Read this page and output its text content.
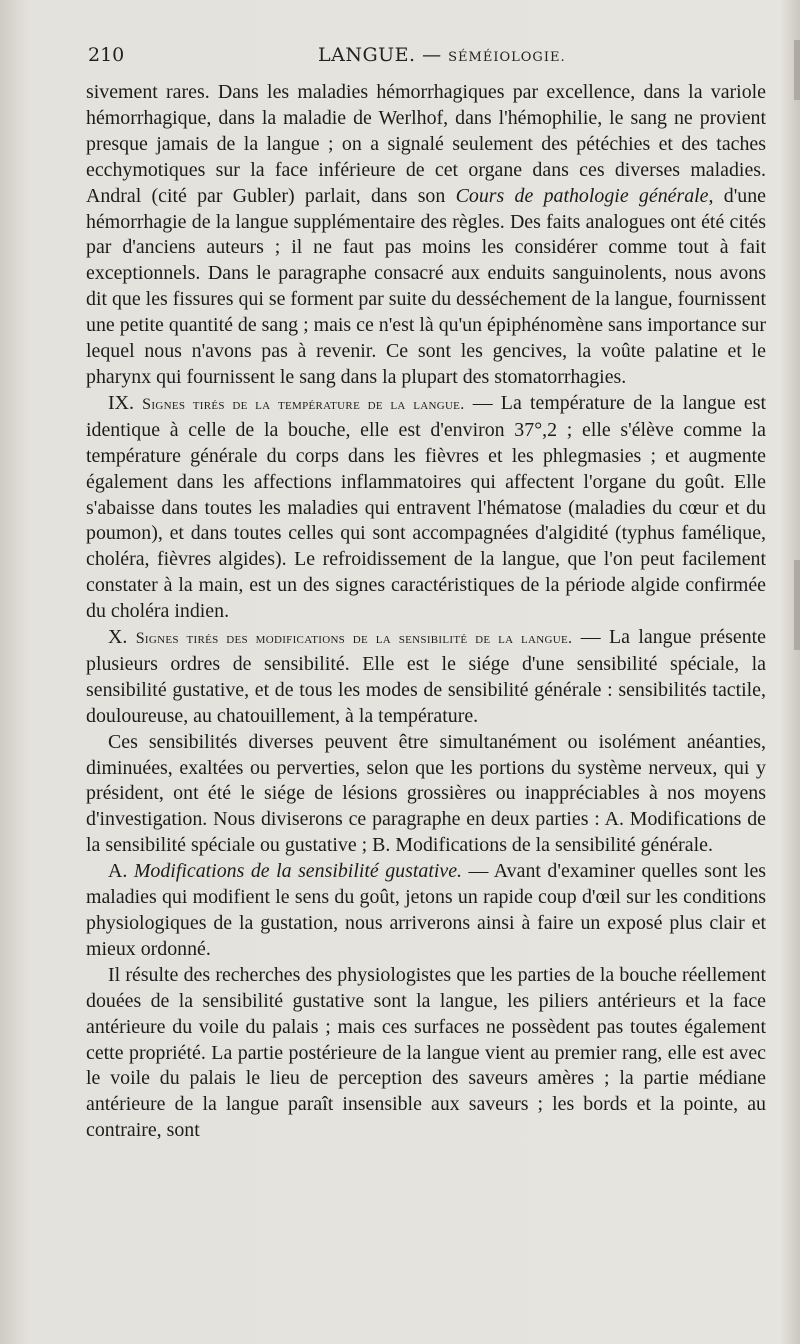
210	LANGUE. — SÉMÉIOLOGIE.

sivement rares. Dans les maladies hémorrhagiques par excellence, dans la variole hémorrhagique, dans la maladie de Werlhof, dans l'hémophilie, le sang ne provient presque jamais de la langue ; on a signalé seulement des pétéchies et des taches ecchymotiques sur la face inférieure de cet organe dans ces diverses maladies. Andral (cité par Gubler) parlait, dans son Cours de pathologie générale, d'une hémorrhagie de la langue supplémentaire des règles. Des faits analogues ont été cités par d'anciens auteurs ; il ne faut pas moins les considérer comme tout à fait exceptionnels. Dans le paragraphe consacré aux enduits sanguinolents, nous avons dit que les fissures qui se forment par suite du desséchement de la langue, fournissent une petite quantité de sang ; mais ce n'est là qu'un épiphénomène sans importance sur lequel nous n'avons pas à revenir. Ce sont les gencives, la voûte palatine et le pharynx qui fournissent le sang dans la plupart des stomatorrhagies.

IX. Signes tirés de la température de la langue. — La température de la langue est identique à celle de la bouche, elle est d'environ 37°,2 ; elle s'élève comme la température générale du corps dans les fièvres et les phlegmasies ; et augmente également dans les affections inflammatoires qui affectent l'organe du goût. Elle s'abaisse dans toutes les maladies qui entravent l'hématose (maladies du cœur et du poumon), et dans toutes celles qui sont accompagnées d'algidité (typhus famélique, choléra, fièvres algides). Le refroidissement de la langue, que l'on peut facilement constater à la main, est un des signes caractéristiques de la période algide confirmée du choléra indien.

X. Signes tirés des modifications de la sensibilité de la langue. — La langue présente plusieurs ordres de sensibilité. Elle est le siége d'une sensibilité spéciale, la sensibilité gustative, et de tous les modes de sensibilité générale : sensibilités tactile, douloureuse, au chatouillement, à la température.

Ces sensibilités diverses peuvent être simultanément ou isolément anéanties, diminuées, exaltées ou perverties, selon que les portions du système nerveux, qui y président, ont été le siége de lésions grossières ou inappréciables à nos moyens d'investigation. Nous diviserons ce paragraphe en deux parties : A. Modifications de la sensibilité spéciale ou gustative ; B. Modifications de la sensibilité générale.

A. Modifications de la sensibilité gustative. — Avant d'examiner quelles sont les maladies qui modifient le sens du goût, jetons un rapide coup d'œil sur les conditions physiologiques de la gustation, nous arriverons ainsi à faire un exposé plus clair et mieux ordonné.

Il résulte des recherches des physiologistes que les parties de la bouche réellement douées de la sensibilité gustative sont la langue, les piliers antérieurs et la face antérieure du voile du palais ; mais ces surfaces ne possèdent pas toutes également cette propriété. La partie postérieure de la langue vient au premier rang, elle est avec le voile du palais le lieu de perception des saveurs amères ; la partie médiane antérieure de la langue paraît insensible aux saveurs ; les bords et la pointe, au contraire, sont
